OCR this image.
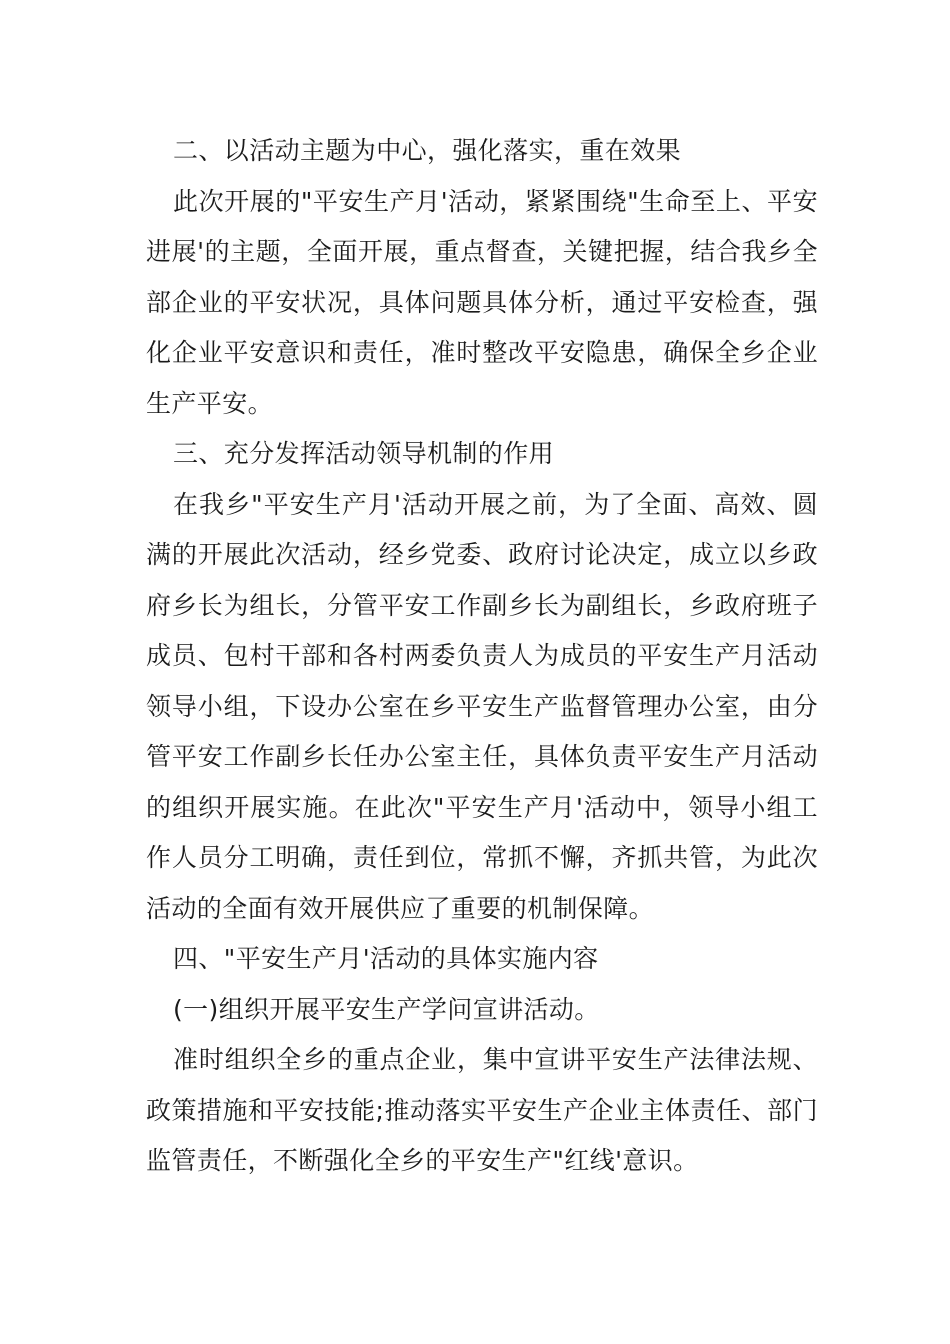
二、以活动主题为中心，强化落实，重在效果

此次开展的"平安生产月'活动，紧紧围绕"生命至上、平安进展'的主题，全面开展，重点督查，关键把握，结合我乡全部企业的平安状况，具体问题具体分析，通过平安检查，强化企业平安意识和责任，准时整改平安隐患，确保全乡企业生产平安。

三、充分发挥活动领导机制的作用

在我乡"平安生产月'活动开展之前，为了全面、高效、圆满的开展此次活动，经乡党委、政府讨论决定，成立以乡政府乡长为组长，分管平安工作副乡长为副组长，乡政府班子成员、包村干部和各村两委负责人为成员的平安生产月活动领导小组，下设办公室在乡平安生产监督管理办公室，由分管平安工作副乡长任办公室主任，具体负责平安生产月活动的组织开展实施。在此次"平安生产月'活动中，领导小组工作人员分工明确，责任到位，常抓不懈，齐抓共管，为此次活动的全面有效开展供应了重要的机制保障。

四、"平安生产月'活动的具体实施内容

(一)组织开展平安生产学问宣讲活动。

准时组织全乡的重点企业，集中宣讲平安生产法律法规、政策措施和平安技能;推动落实平安生产企业主体责任、部门监管责任，不断强化全乡的平安生产"红线'意识。
